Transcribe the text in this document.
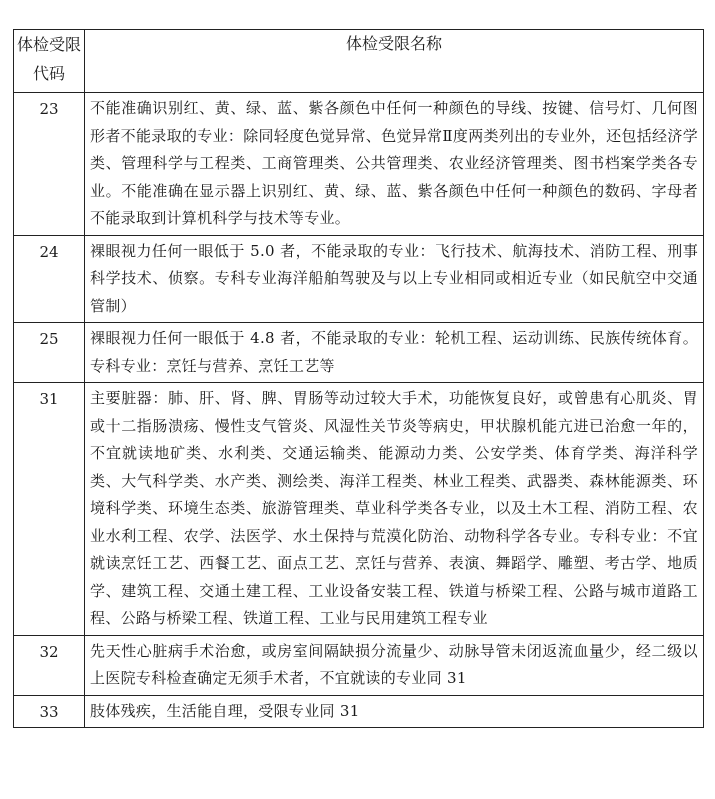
体检受限代码	体检受限名称
23	不能准确识别红、黄、绿、蓝、紫各颜色中任何一种颜色的导线、按键、信号灯、几何图形者不能录取的专业：除同轻度色觉异常、色觉异常Ⅱ度两类列出的专业外，还包括经济学类、管理科学与工程类、工商管理类、公共管理类、农业经济管理类、图书档案学类各专业。不能准确在显示器上识别红、黄、绿、蓝、紫各颜色中任何一种颜色的数码、字母者不能录取到计算机科学与技术等专业。
24	裸眼视力任何一眼低于 5.0 者，不能录取的专业：飞行技术、航海技术、消防工程、刑事科学技术、侦察。专科专业海洋船舶驾驶及与以上专业相同或相近专业（如民航空中交通管制）
25	裸眼视力任何一眼低于 4.8 者，不能录取的专业：轮机工程、运动训练、民族传统体育。专科专业：烹饪与营养、烹饪工艺等
31	主要脏器：肺、肝、肾、脾、胃肠等动过较大手术，功能恢复良好，或曾患有心肌炎、胃或十二指肠溃疡、慢性支气管炎、风湿性关节炎等病史，甲状腺机能亢进已治愈一年的，不宜就读地矿类、水利类、交通运输类、能源动力类、公安学类、体育学类、海洋科学类、大气科学类、水产类、测绘类、海洋工程类、林业工程类、武器类、森林能源类、环境科学类、环境生态类、旅游管理类、草业科学类各专业，以及土木工程、消防工程、农业水利工程、农学、法医学、水土保持与荒漠化防治、动物科学各专业。专科专业：不宜就读烹饪工艺、西餐工艺、面点工艺、烹饪与营养、表演、舞蹈学、雕塑、考古学、地质学、建筑工程、交通土建工程、工业设备安装工程、铁道与桥梁工程、公路与城市道路工程、公路与桥梁工程、铁道工程、工业与民用建筑工程专业
32	先天性心脏病手术治愈，或房室间隔缺损分流量少、动脉导管未闭返流血量少，经二级以上医院专科检查确定无须手术者，不宜就读的专业同 31
33	肢体残疾，生活能自理，受限专业同 31
